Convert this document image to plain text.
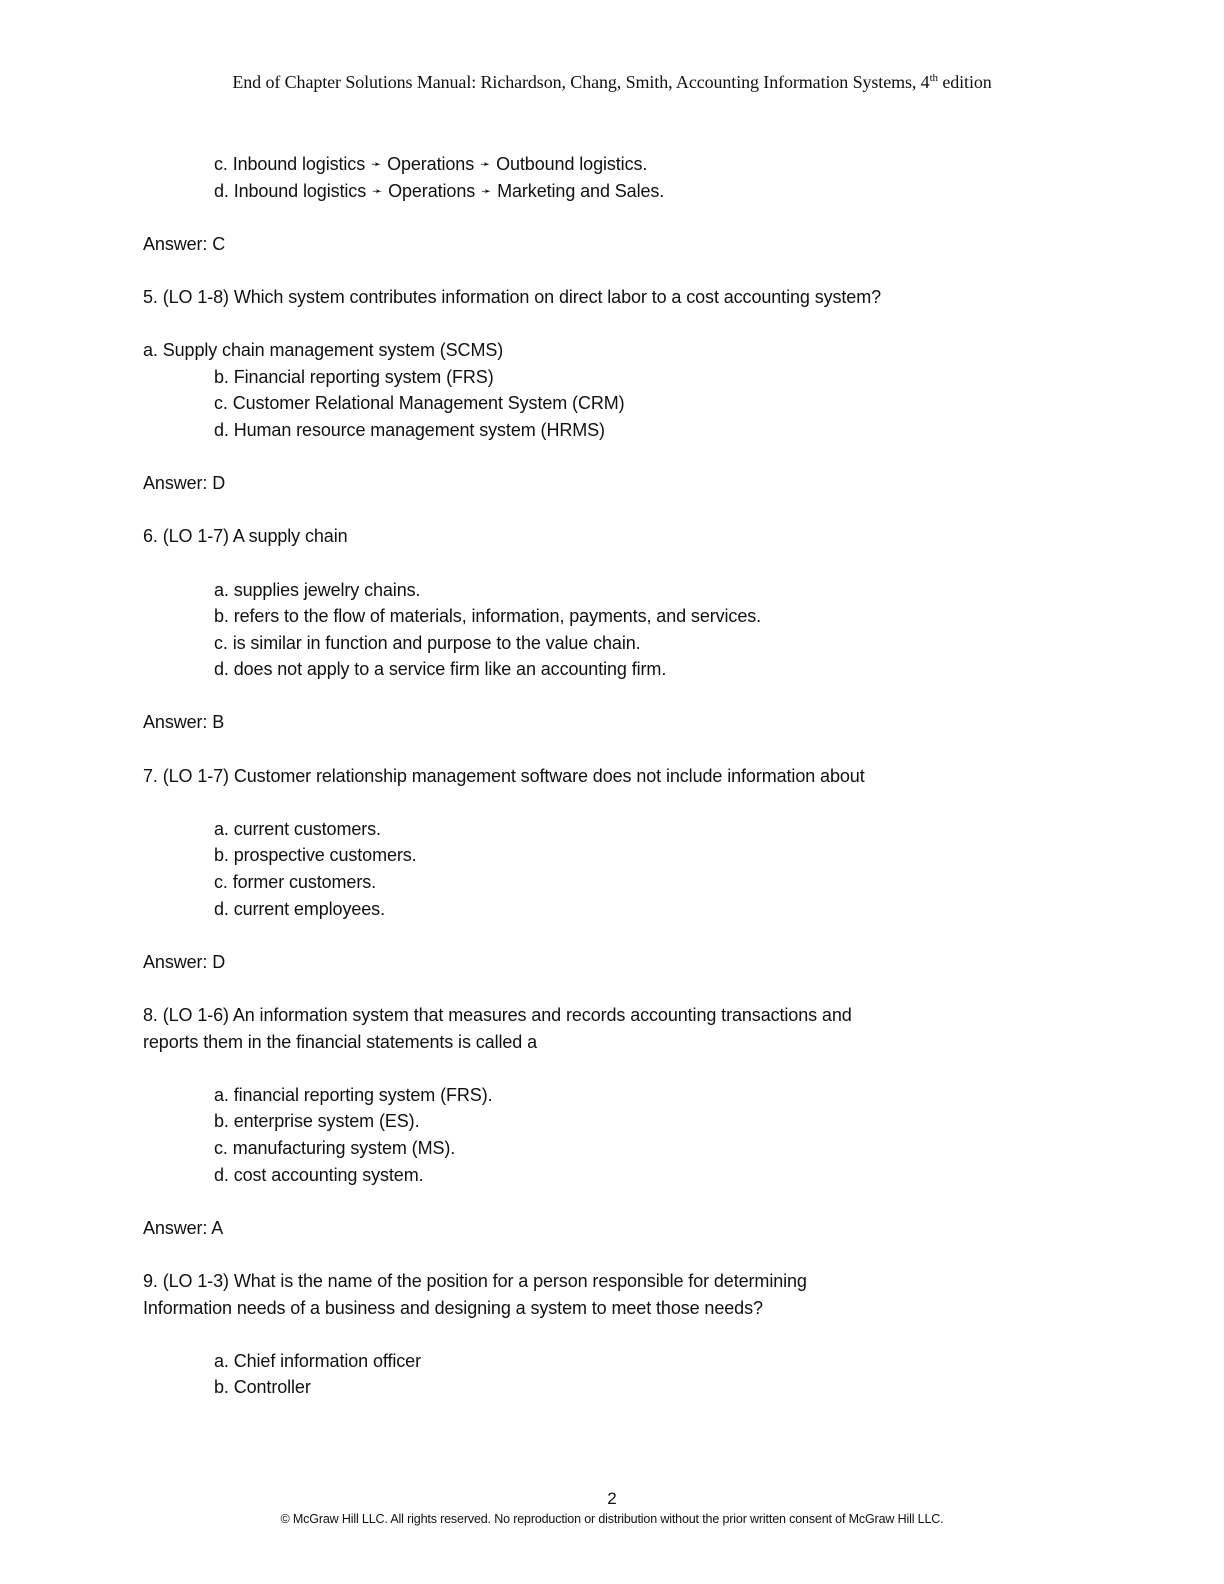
End of Chapter Solutions Manual: Richardson, Chang, Smith, Accounting Information Systems, 4th edition
c. Inbound logistics ➛ Operations ➛ Outbound logistics.
d. Inbound logistics ➛ Operations ➛ Marketing and Sales.
Answer: C
5. (LO 1-8) Which system contributes information on direct labor to a cost accounting system?
a. Supply chain management system (SCMS)
b. Financial reporting system (FRS)
c. Customer Relational Management System (CRM)
d. Human resource management system (HRMS)
Answer: D
6. (LO 1-7) A supply chain
a. supplies jewelry chains.
b. refers to the flow of materials, information, payments, and services.
c. is similar in function and purpose to the value chain.
d. does not apply to a service firm like an accounting firm.
Answer: B
7. (LO 1-7) Customer relationship management software does not include information about
a. current customers.
b. prospective customers.
c. former customers.
d. current employees.
Answer: D
8. (LO 1-6) An information system that measures and records accounting transactions and
reports them in the financial statements is called a
a. financial reporting system (FRS).
b. enterprise system (ES).
c. manufacturing system (MS).
d. cost accounting system.
Answer: A
9. (LO 1-3) What is the name of the position for a person responsible for determining
Information needs of a business and designing a system to meet those needs?
a. Chief information officer
b. Controller
2
© McGraw Hill LLC. All rights reserved. No reproduction or distribution without the prior written consent of McGraw Hill LLC.
